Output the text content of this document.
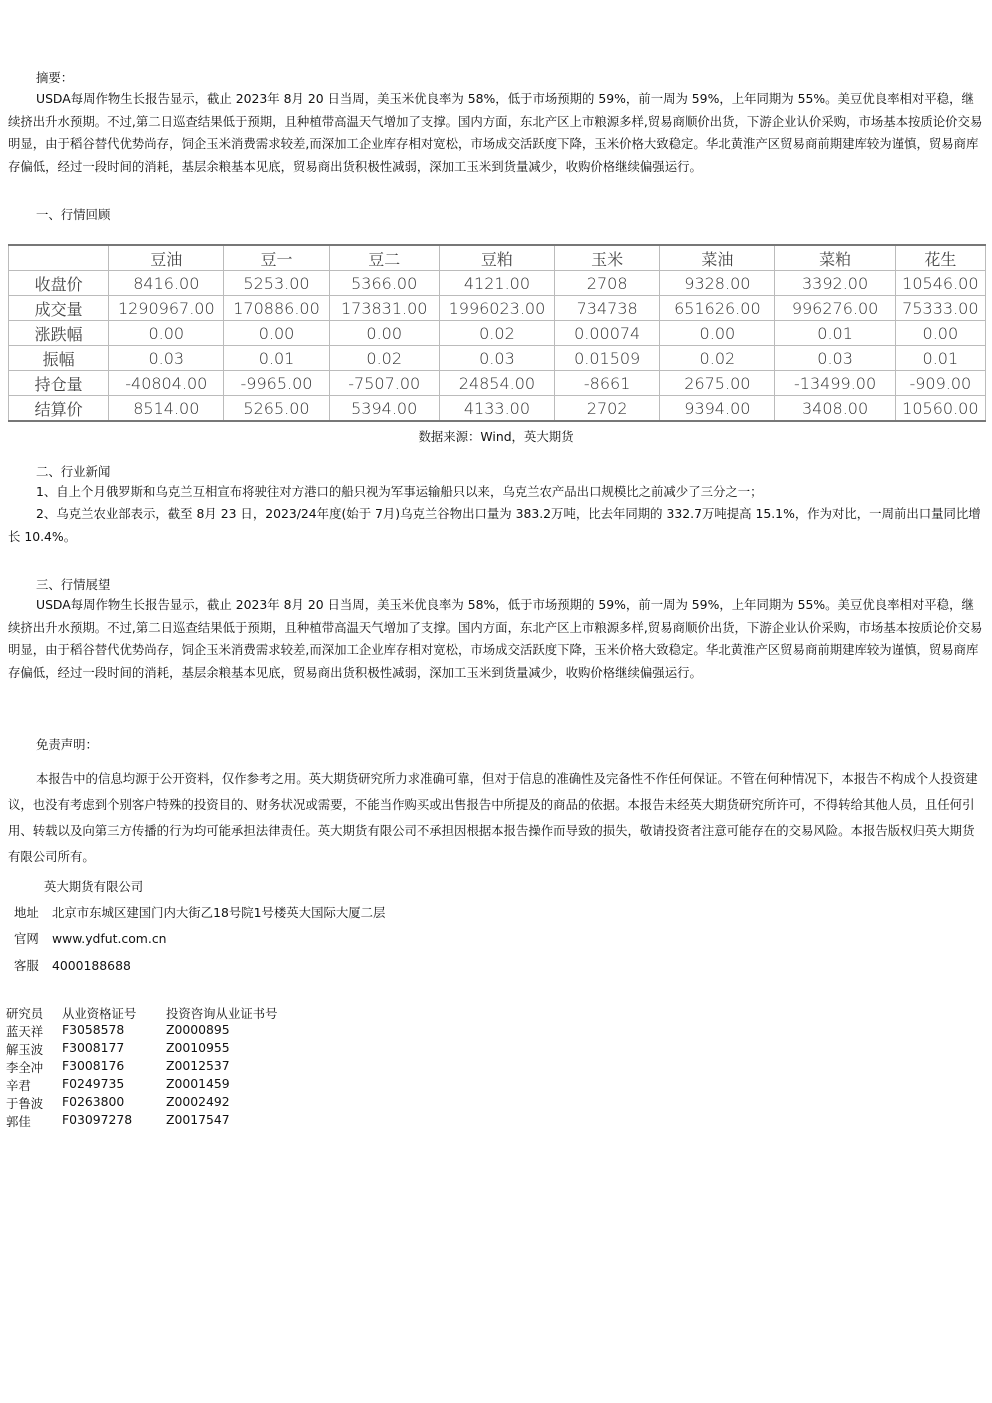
摘要：
USDA每周作物生长报告显示，截止 2023年 8月 20 日当周，美玉米优良率为 58%，低于市场预期的 59%，前一周为 59%，上年同期为 55%。美豆优良率相对平稳，继续挤出升水预期。不过,第二日巡查结果低于预期，且种植带高温天气增加了支撑。国内方面，东北产区上市粮源多样,贸易商顺价出货，下游企业认价采购，市场基本按质论价交易明显，由于稻谷替代优势尚存，饲企玉米消费需求较差,而深加工企业库存相对宽松，市场成交活跃度下降，玉米价格大致稳定。华北黄淮产区贸易商前期建库较为谨慎，贸易商库存偏低，经过一段时间的消耗，基层余粮基本见底，贸易商出货积极性减弱，深加工玉米到货量减少，收购价格继续偏强运行。
一、行情回顾
	豆油	豆一	豆二	豆粕	玉米	菜油	菜粕	花生
收盘价	8416.00	5253.00	5366.00	4121.00	2708	9328.00	3392.00	10546.00
成交量	1290967.00	170886.00	173831.00	1996023.00	734738	651626.00	996276.00	75333.00
涨跌幅	0.00	0.00	0.00	0.02	0.00074	0.00	0.01	0.00
振幅	0.03	0.01	0.02	0.03	0.01509	0.02	0.03	0.01
持仓量	-40804.00	-9965.00	-7507.00	24854.00	-8661	2675.00	-13499.00	-909.00
结算价	8514.00	5265.00	5394.00	4133.00	2702	9394.00	3408.00	10560.00
数据来源：Wind，英大期货
二、行业新闻
1、自上个月俄罗斯和乌克兰互相宣布将驶往对方港口的船只视为军事运输船只以来，乌克兰农产品出口规模比之前减少了三分之一；
2、乌克兰农业部表示，截至 8月 23 日，2023/24年度(始于 7月)乌克兰谷物出口量为 383.2万吨，比去年同期的 332.7万吨提高 15.1%，作为对比，一周前出口量同比增长 10.4%。
三、行情展望
USDA每周作物生长报告显示，截止 2023年 8月 20 日当周，美玉米优良率为 58%，低于市场预期的 59%，前一周为 59%，上年同期为 55%。美豆优良率相对平稳，继续挤出升水预期。不过,第二日巡查结果低于预期，且种植带高温天气增加了支撑。国内方面，东北产区上市粮源多样,贸易商顺价出货，下游企业认价采购，市场基本按质论价交易明显，由于稻谷替代优势尚存，饲企玉米消费需求较差,而深加工企业库存相对宽松，市场成交活跃度下降，玉米价格大致稳定。华北黄淮产区贸易商前期建库较为谨慎，贸易商库存偏低，经过一段时间的消耗，基层余粮基本见底，贸易商出货积极性减弱，深加工玉米到货量减少，收购价格继续偏强运行。
免责声明：
本报告中的信息均源于公开资料，仅作参考之用。英大期货研究所力求准确可靠，但对于信息的准确性及完备性不作任何保证。不管在何种情况下，本报告不构成个人投资建议，也没有考虑到个别客户特殊的投资目的、财务状况或需要，不能当作购买或出售报告中所提及的商品的依据。本报告未经英大期货研究所许可，不得转给其他人员，且任何引用、转载以及向第三方传播的行为均可能承担法律责任。英大期货有限公司不承担因根据本报告操作而导致的损失，敬请投资者注意可能存在的交易风险。本报告版权归英大期货有限公司所有。
英大期货有限公司
地址 北京市东城区建国门内大街乙18号院1号楼英大国际大厦二层
官网 www.ydfut.com.cn
客服 4000188688
研究员	从业资格证号	投资咨询从业证书号
蓝天祥	F3058578	Z0000895
解玉波	F3008177	Z0010955
李全冲	F3008176	Z0012537
辛君	F0249735	Z0001459
于鲁波	F0263800	Z0002492
郭佳	F03097278	Z0017547
